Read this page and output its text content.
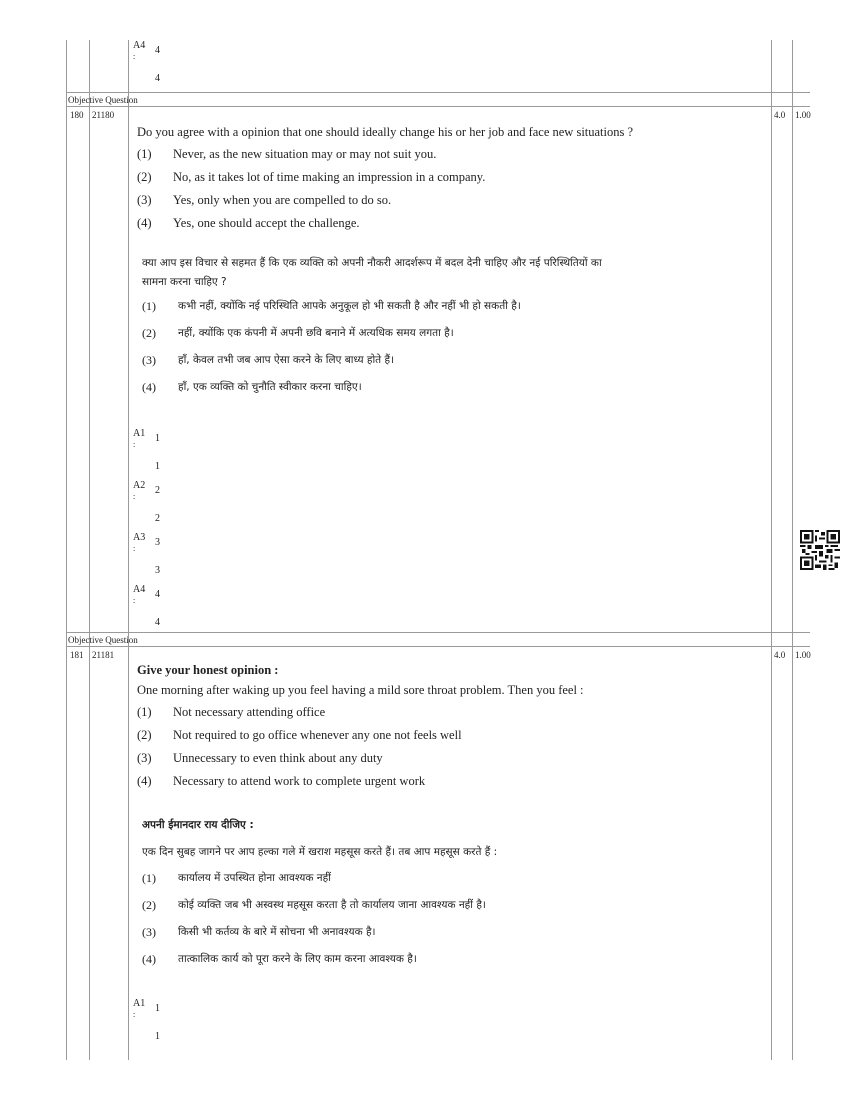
A4
:
4
4
Objective Question
180 21180	4.0 1.00

Do you agree with a opinion that one should ideally change his or her job and face new situations ?

(1)	Never, as the new situation may or may not suit you.
(2)	No, as it takes lot of time making an impression in a company.
(3)	Yes, only when you are compelled to do so.
(4)	Yes, one should accept the challenge.

क्या आप इस विचार से सहमत हैं कि एक व्यक्ति को अपनी नौकरी आदर्शरूप में बदल देनी चाहिए और नई परिस्थितियों का

सामना करना चाहिए ?

(1)	कभी नहीं, क्योंकि नई परिस्थिति आपके अनुकूल हो भी सकती है और नहीं भी हो सकती है।
(2)	नहीं, क्योंकि एक कंपनी में अपनी छवि बनाने में अत्यधिक समय लगता है।
(3)	हाँ, केवल तभी जब आप ऐसा करने के लिए बाध्य होते हैं।
(4)	हाँ, एक व्यक्ति को चुनौति स्वीकार करना चाहिए।
A1
:
1
1
A2
:
2
2
A3
:
3
3
A4
:
4
4
Objective Question
181 21181	4.0 1.00

Give your honest opinion :

One morning after waking up you feel having a mild sore throat problem. Then you feel :

(1)	Not necessary attending office
(2)	Not required to go office whenever any one not feels well
(3)	Unnecessary to even think about any duty
(4)	Necessary to attend work to complete urgent work

अपनी ईमानदार राय दीजिए :

एक दिन सुबह जागने पर आप हल्का गले में खराश महसूस करते हैं। तब आप महसूस करते हैं :

(1)	कार्यालय में उपस्थित होना आवश्यक नहीं
(2)	कोई व्यक्ति जब भी अस्वस्थ महसूस करता है तो कार्यालय जाना आवश्यक नहीं है।
(3)	किसी भी कर्तव्य के बारे में सोचना भी अनावश्यक है।
(4)	तात्कालिक कार्य को पूरा करने के लिए काम करना आवश्यक है।
A1
:
1
1
